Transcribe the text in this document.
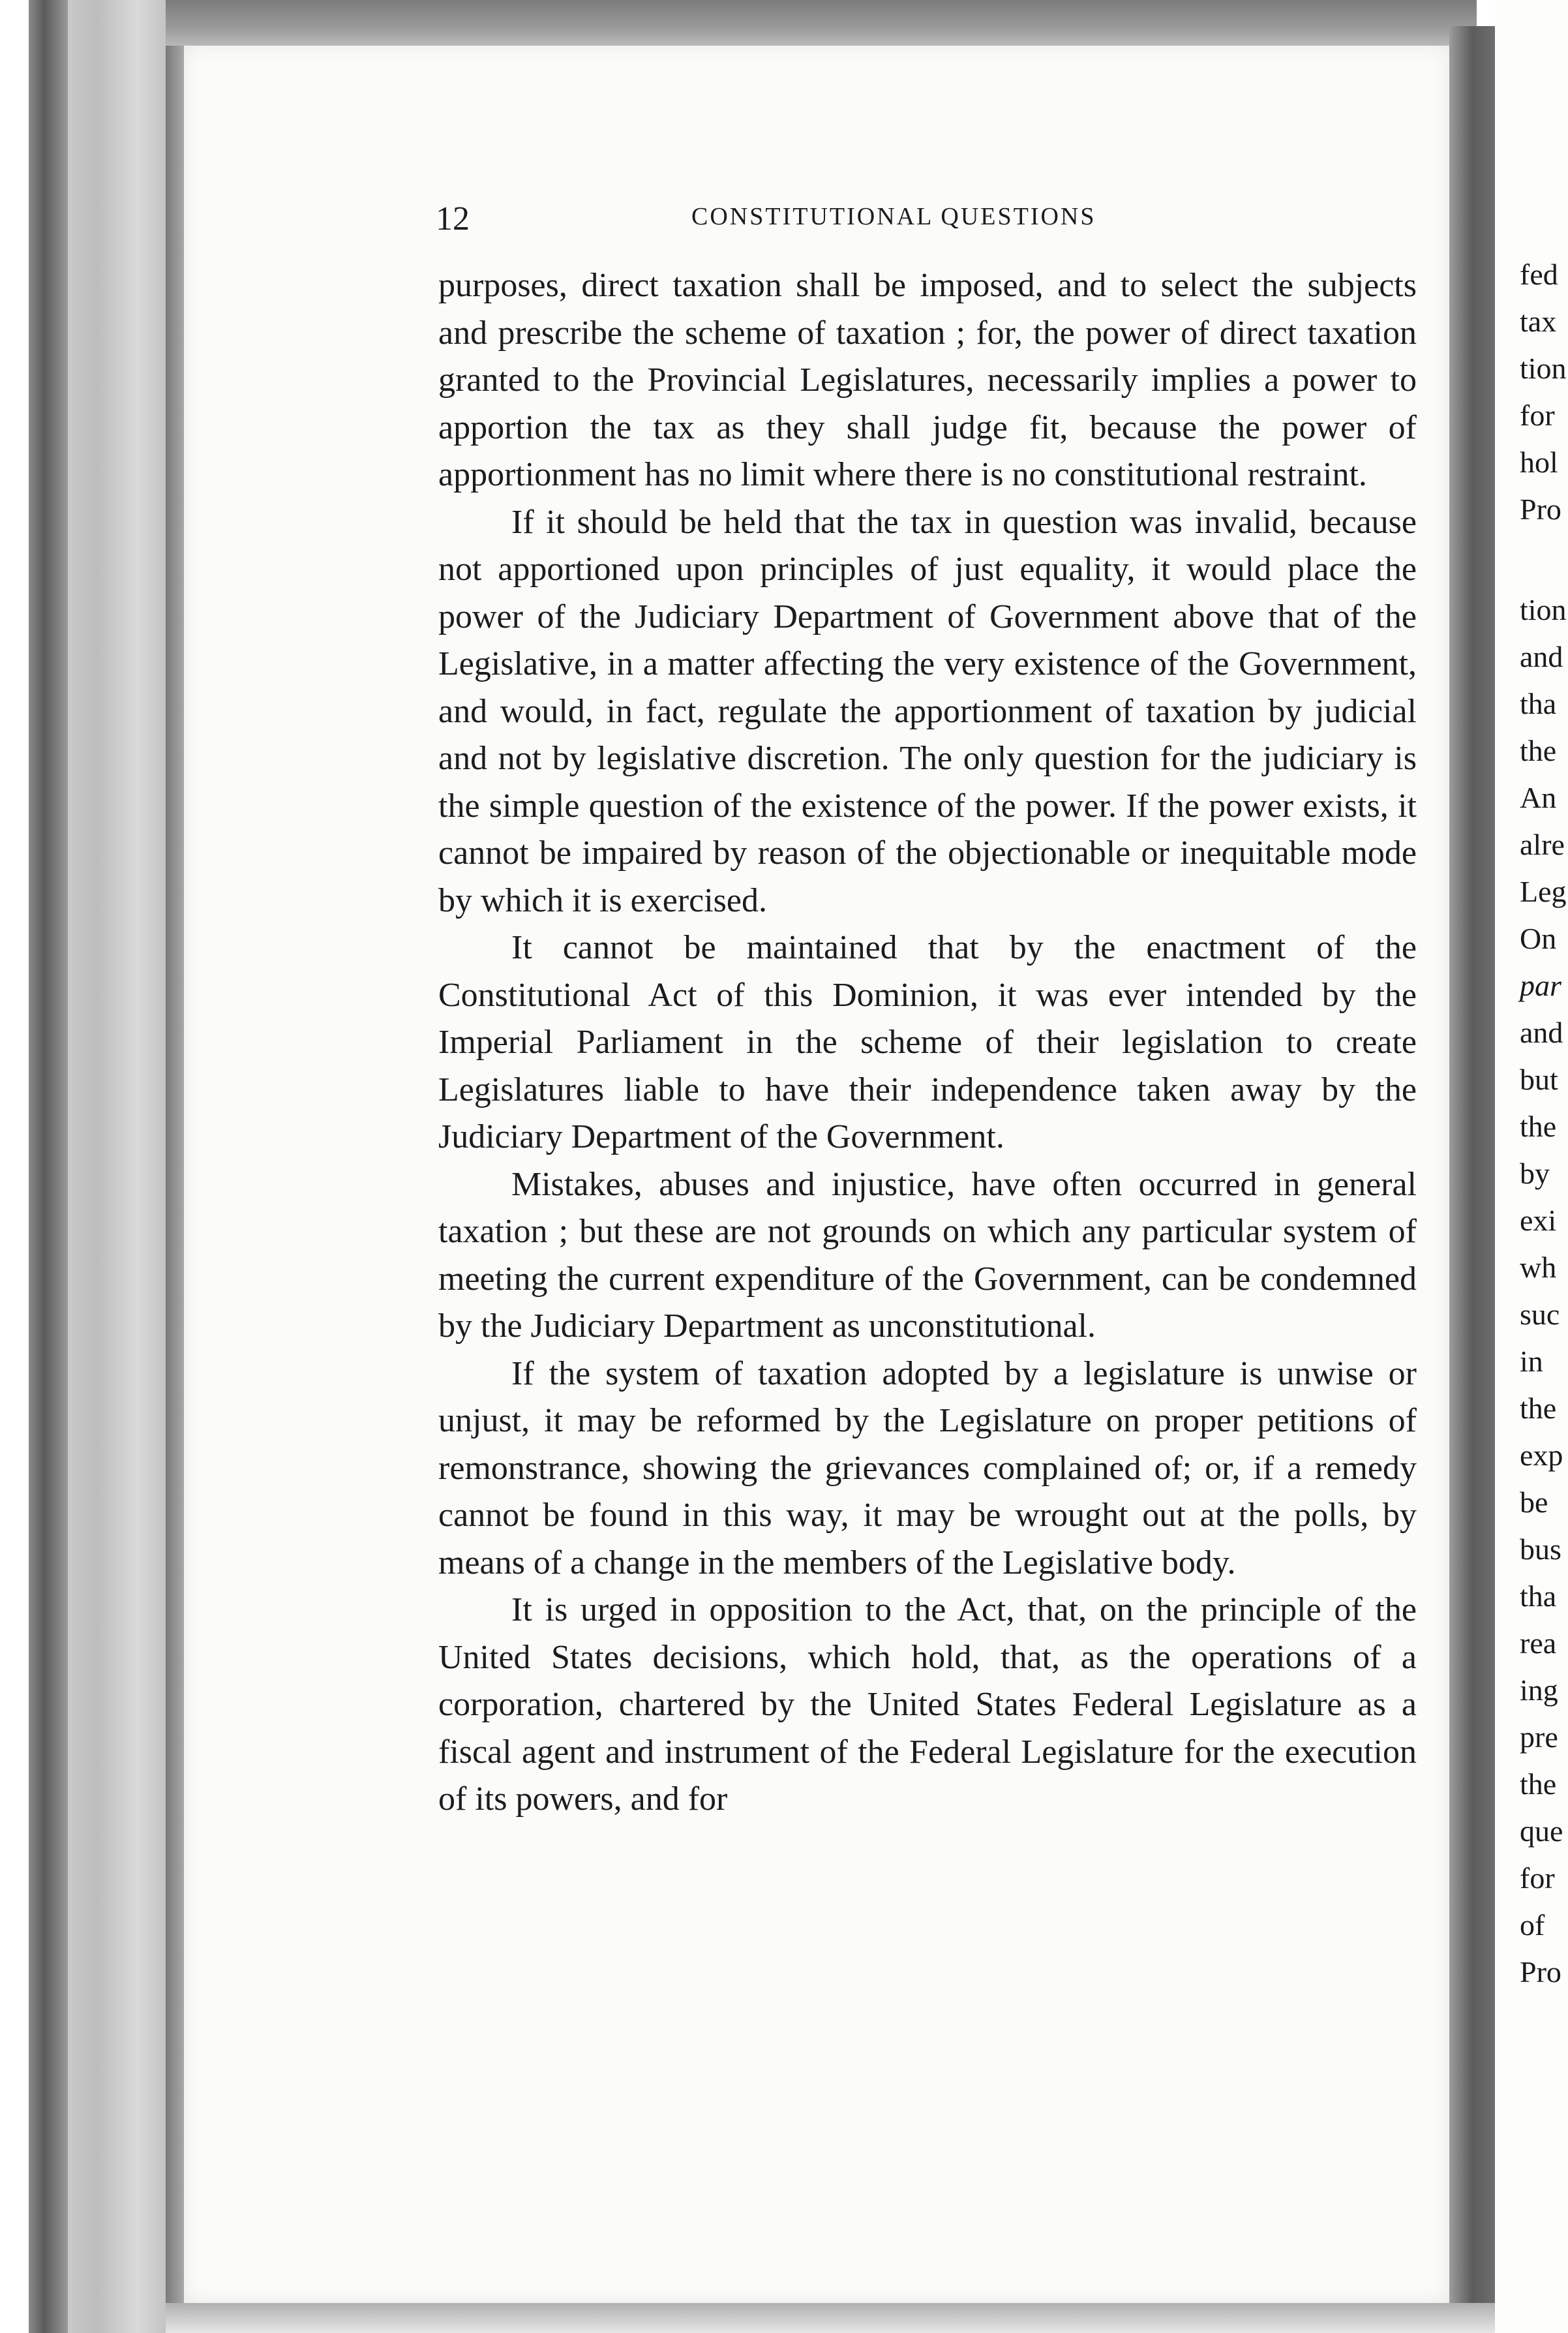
12	CONSTITUTIONAL QUESTIONS

purposes, direct taxation shall be imposed, and to select the subjects and prescribe the scheme of taxation ; for, the power of direct taxation granted to the Provincial Legislatures, necessarily implies a power to apportion the tax as they shall judge fit, because the power of apportionment has no limit where there is no constitutional restraint.

If it should be held that the tax in question was invalid, because not apportioned upon principles of just equality, it would place the power of the Judiciary Department of Government above that of the Legislative, in a matter affecting the very existence of the Government, and would, in fact, regulate the apportionment of taxation by judicial and not by legislative discretion. The only question for the judiciary is the simple question of the existence of the power. If the power exists, it cannot be impaired by reason of the objectionable or inequitable mode by which it is exercised.

It cannot be maintained that by the enactment of the Constitutional Act of this Dominion, it was ever intended by the Imperial Parliament in the scheme of their legislation to create Legislatures liable to have their independence taken away by the Judiciary Department of the Government.

Mistakes, abuses and injustice, have often occurred in general taxation ; but these are not grounds on which any particular system of meeting the current expenditure of the Government, can be condemned by the Judiciary Department as unconstitutional.

If the system of taxation adopted by a legislature is unwise or unjust, it may be reformed by the Legislature on proper petitions of remonstrance, showing the grievances complained of; or, if a remedy cannot be found in this way, it may be wrought out at the polls, by means of a change in the members of the Legislative body.

It is urged in opposition to the Act, that, on the principle of the United States decisions, which hold, that, as the operations of a corporation, chartered by the United States Federal Legislature as a fiscal agent and instrument of the Federal Legislature for the execution of its powers, and for

fed
tax
tion
for
hol
Pro
tion
and
tha
the
An
alre
Leg
On
par
and
but
the
by
exi
wh
suc
in
the
exp
be
bus
tha
rea
ing
pre
the
que
for
of
Pro
